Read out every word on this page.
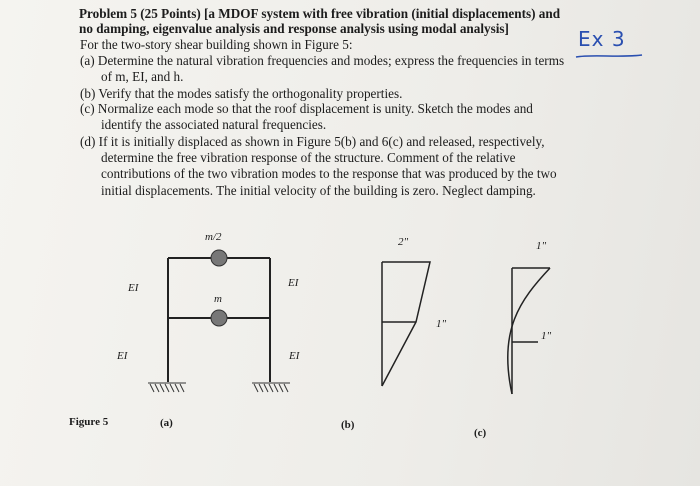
Problem 5 (25 Points) [a MDOF system with free vibration (initial displacements) and
no damping, eigenvalue analysis and response analysis using modal analysis]
For the two-story shear building shown in Figure 5:
(a) Determine the natural vibration frequencies and modes; express the frequencies in terms
of m, EI, and h.
(b) Verify that the modes satisfy the orthogonality properties.
(c) Normalize each mode so that the roof displacement is unity. Sketch the modes and
identify the associated natural frequencies.
(d) If it is initially displaced as shown in Figure 5(b) and 6(c) and released, respectively,
determine the free vibration response of the structure. Comment of the relative
contributions of the two vibration modes to the response that was produced by the two
initial displacements. The initial velocity of the building is zero. Neglect damping.
Ex 3
m/2
m
EI	EI
EI	EI
2"
1"
1"
1"
Figure 5	(a)	(b)
(c)
